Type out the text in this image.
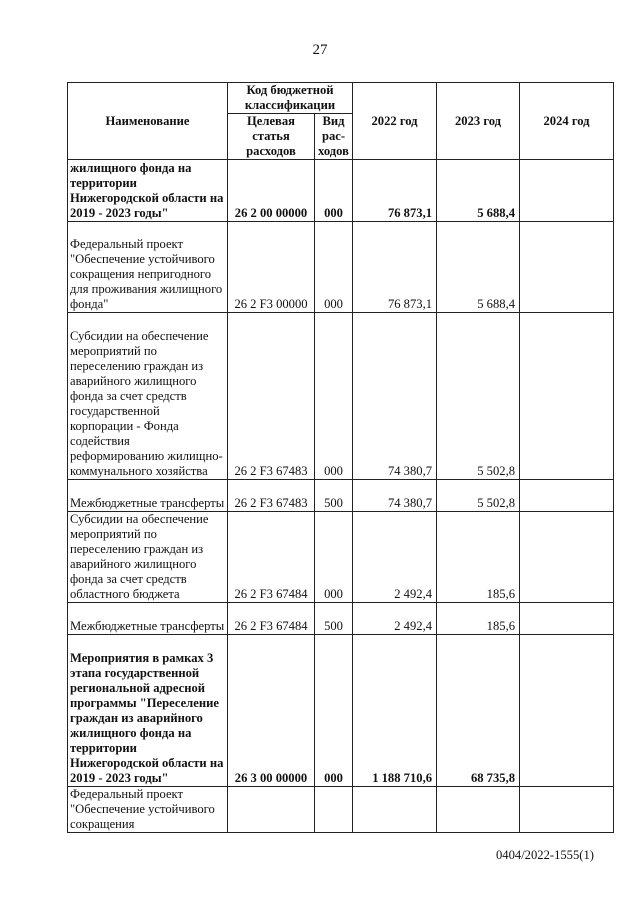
27
Наименование	Код бюджетной классификации		2022 год	2023 год	2024 год
	Целевая статья расходов	Вид рас-ходов			
жилищного фонда на территории Нижегородской области на 2019 - 2023 годы"	26 2 00 00000	000	76 873,1	5 688,4	
Федеральный проект "Обеспечение устойчивого сокращения непригодного для проживания жилищного фонда"	26 2 F3 00000	000	76 873,1	5 688,4	
Субсидии на обеспечение мероприятий по переселению граждан из аварийного жилищного фонда за счет средств государственной корпорации - Фонда содействия реформированию жилищно-коммунального хозяйства	26 2 F3 67483	000	74 380,7	5 502,8	
Межбюджетные трансферты	26 2 F3 67483	500	74 380,7	5 502,8	
Субсидии на обеспечение мероприятий по переселению граждан из аварийного жилищного фонда за счет средств областного бюджета	26 2 F3 67484	000	2 492,4	185,6	
Межбюджетные трансферты	26 2 F3 67484	500	2 492,4	185,6	
Мероприятия в рамках 3 этапа государственной региональной адресной программы "Переселение граждан из аварийного жилищного фонда на территории Нижегородской области на 2019 - 2023 годы"	26 3 00 00000	000	1 188 710,6	68 735,8	
Федеральный проект "Обеспечение устойчивого сокращения					
0404/2022-1555(1)
